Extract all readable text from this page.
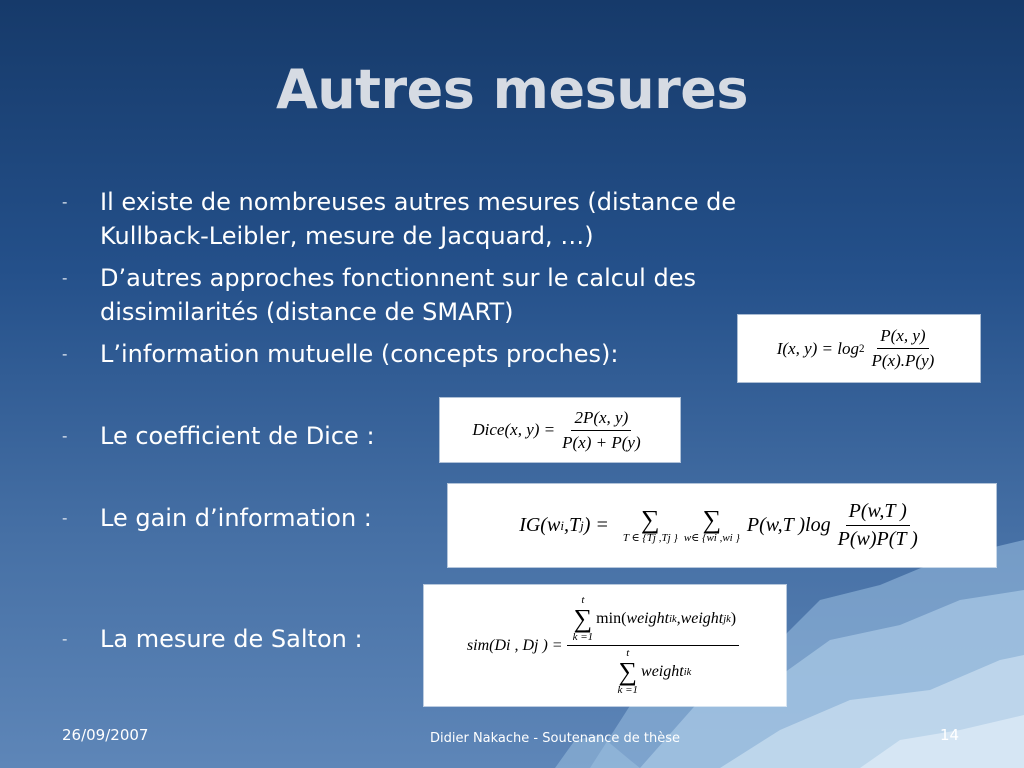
Autres mesures
- Il existe de nombreuses autres mesures (distance de
Kullback-Leibler, mesure de Jacquard, …)
- D’autres approches fonctionnent sur le calcul des
dissimilarités (distance de SMART)
- L’information mutuelle (concepts proches):
- Le coefficient de Dice :
- Le gain d’information :
- La mesure de Salton :
I(x, $y) = \log 2 \frac{P(x, y)}{P(x).P(y)}$
Dice(x, $y) = \frac{2P(x, y)}{P(x) + P(y)}$
IG(w i ,T j ) = ∑
T ∈ {Tj ,Tj }
∑
w∈ {wi ,wi }
P(w,T )$\log \frac{P(w,T )}{P(w)P(T )}$
sim(Di , Dj ) =
t
∑
k =1
min( weight ik , weight jk )
t
∑
k =1
weight ik
26/09/2007	Didier Nakache - Soutenance de thèse	14
